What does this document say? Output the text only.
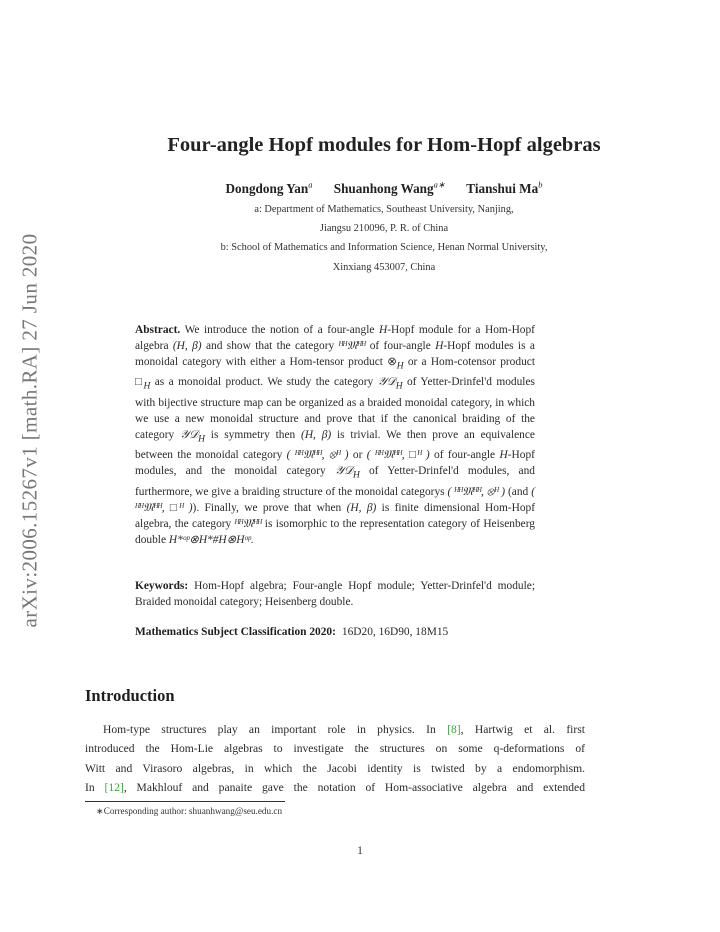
arXiv:2006.15267v1 [math.RA] 27 Jun 2020
Four-angle Hopf modules for Hom-Hopf algebras
Dongdong Yan$^a$ Shuanhong Wang$^{a∗}$ Tianshui Ma$^b$
a: Department of Mathematics, Southeast University, Nanjing,
Jiangsu 210096, P. R. of China
b: School of Mathematics and Information Science, Henan Normal University,
Xinxiang 453007, China
Abstract. We introduce the notion of a four-angle H-Hopf module for a Hom-Hopf algebra (H, β) and show that the category ᴴᴴ𝔐ᴴᴴ of four-angle H-Hopf modules is a monoidal category with either a Hom-tensor product $\otimes_H$ or a Hom-cotensor product $□_H$ as a monoidal product. We study the category 𝒴𝒟$_H$ of Yetter-Drinfel'd modules with bijective structure map can be organized as a braided monoidal category, in which we use a new monoidal structure and prove that if the canonical braiding of the category 𝒴𝒟$_H$ is symmetry then (H, β) is trivial. We then prove an equivalence between the monoidal category ( ᴴᴴ𝔐ᴴᴴ, ⊗ᴴ ) or ( ᴴᴴ𝔐ᴴᴴ, □ᴴ ) of four-angle H-Hopf modules, and the monoidal category 𝒴𝒟$_H$ of Yetter-Drinfel'd modules, and furthermore, we give a braiding structure of the monoidal categorys ( ᴴᴴ𝔐ᴴᴴ, ⊗ᴴ ) (and ( ᴴᴴ𝔐ᴴᴴ, □ᴴ )). Finally, we prove that when (H, β) is finite dimensional Hom-Hopf algebra, the category ᴴᴴ𝔐ᴴᴴ is isomorphic to the representation category of Heisenberg double H*ᵒᵖ⊗H*#H⊗Hᵒᵖ.
Keywords: Hom-Hopf algebra; Four-angle Hopf module; Yetter-Drinfel'd module; Braided monoidal category; Heisenberg double.
Mathematics Subject Classification 2020: 16D20, 16D90, 18M15
Introduction
Hom-type structures play an important role in physics. In [8], Hartwig et al. first
introduced the Hom-Lie algebras to investigate the structures on some q-deformations of
Witt and Virasoro algebras, in which the Jacobi identity is twisted by a endomorphism.
In [12], Makhlouf and panaite gave the notation of Hom-associative algebra and extended
∗Corresponding author: shuanhwang@seu.edu.cn
1
